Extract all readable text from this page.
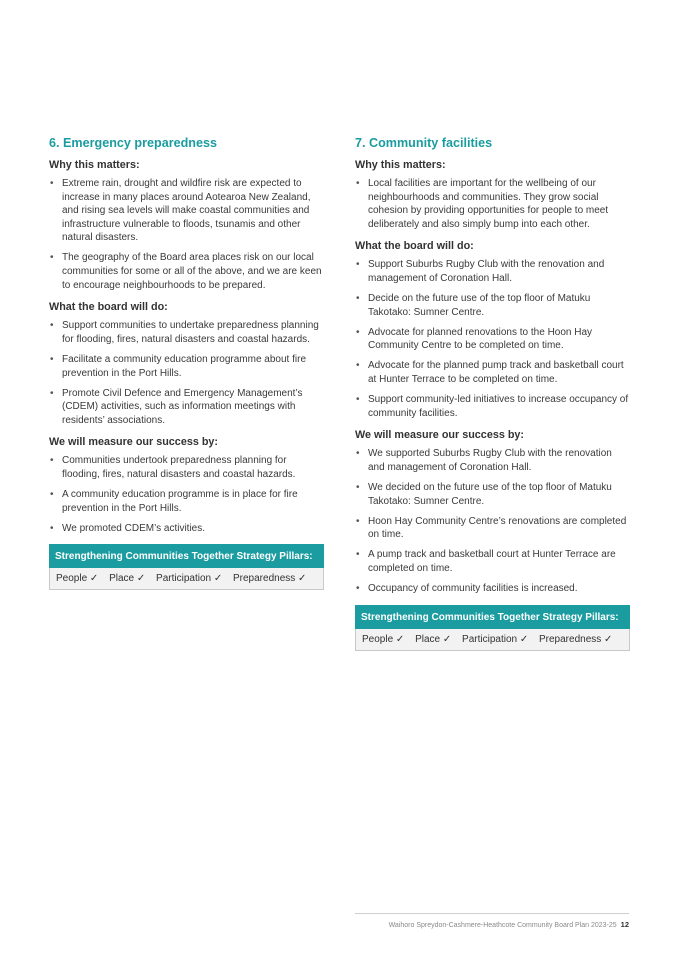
6. Emergency preparedness
Why this matters:
• Extreme rain, drought and wildfire risk are expected to increase in many places around Aotearoa New Zealand, and rising sea levels will make coastal communities and infrastructure vulnerable to floods, tsunamis and other natural disasters.
• The geography of the Board area places risk on our local communities for some or all of the above, and we are keen to encourage neighbourhoods to be prepared.
What the board will do:
• Support communities to undertake preparedness planning for flooding, fires, natural disasters and coastal hazards.
• Facilitate a community education programme about fire prevention in the Port Hills.
• Promote Civil Defence and Emergency Management’s (CDEM) activities, such as information meetings with residents’ associations.
We will measure our success by:
• Communities undertook preparedness planning for flooding, fires, natural disasters and coastal hazards.
• A community education programme is in place for fire prevention in the Port Hills.
• We promoted CDEM’s activities.
Strengthening Communities Together Strategy Pillars:
People ✓ Place ✓ Participation ✓ Preparedness ✓
7. Community facilities
Why this matters:
• Local facilities are important for the wellbeing of our neighbourhoods and communities. They grow social cohesion by providing opportunities for people to meet deliberately and also simply bump into each other.
What the board will do:
• Support Suburbs Rugby Club with the renovation and management of Coronation Hall.
• Decide on the future use of the top floor of Matuku Takotako: Sumner Centre.
• Advocate for planned renovations to the Hoon Hay Community Centre to be completed on time.
• Advocate for the planned pump track and basketball court at Hunter Terrace to be completed on time.
• Support community-led initiatives to increase occupancy of community facilities.
We will measure our success by:
• We supported Suburbs Rugby Club with the renovation and management of Coronation Hall.
• We decided on the future use of the top floor of Matuku Takotako: Sumner Centre.
• Hoon Hay Community Centre’s renovations are completed on time.
• A pump track and basketball court at Hunter Terrace are completed on time.
• Occupancy of community facilities is increased.
Strengthening Communities Together Strategy Pillars:
People ✓ Place ✓ Participation ✓ Preparedness ✓
Waihoro Spreydon-Cashmere-Heathcote Community Board Plan 2023-25 12
